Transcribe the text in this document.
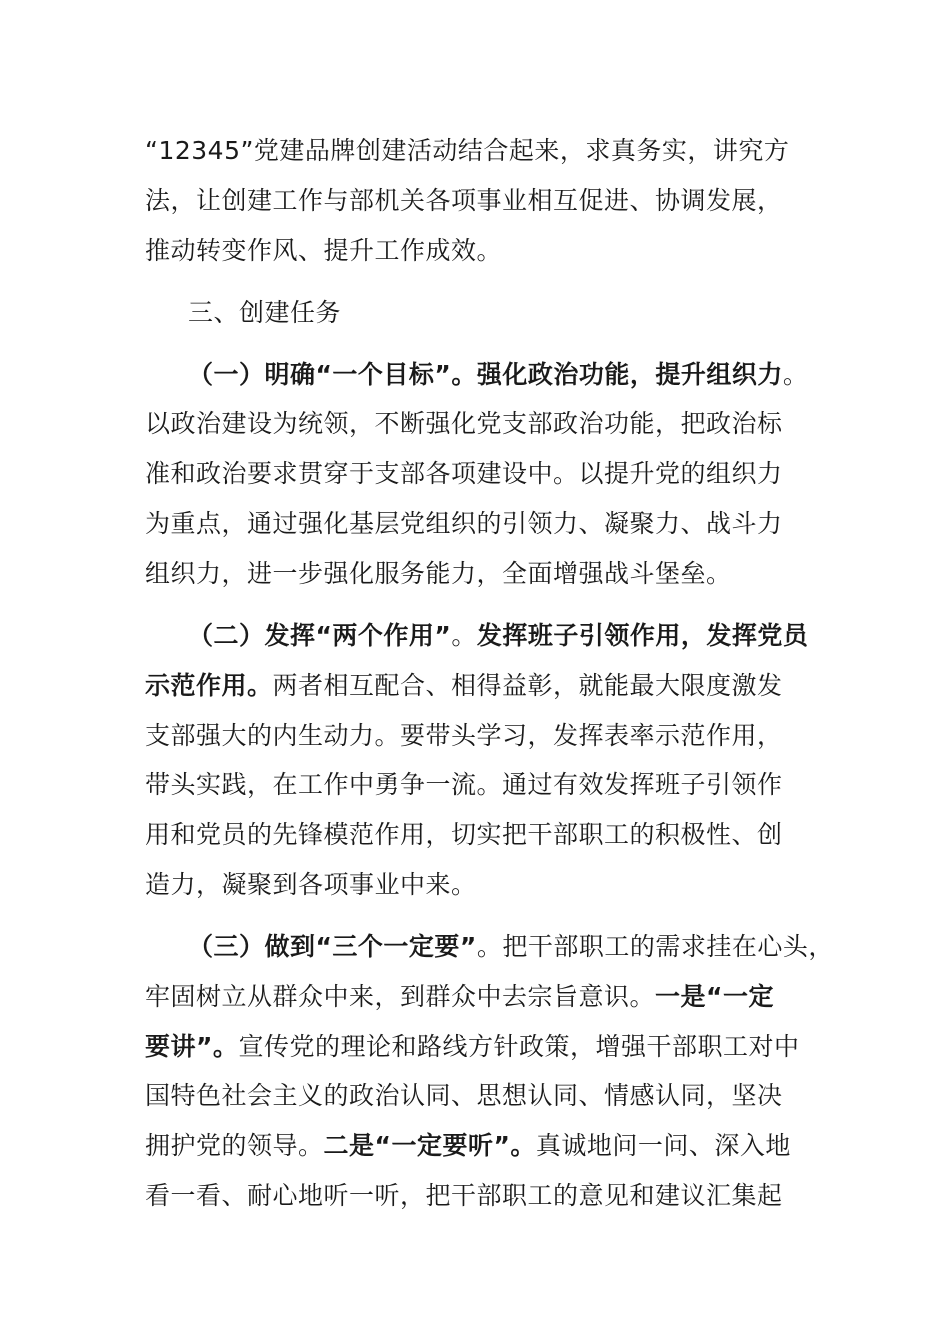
“12345”党建品牌创建活动结合起来，求真务实，讲究方
法，让创建工作与部机关各项事业相互促进、协调发展，
推动转变作风、提升工作成效。
三、创建任务
（一）明确“一个目标”。强化政治功能，提升组织力。
以政治建设为统领，不断强化党支部政治功能，把政治标
准和政治要求贯穿于支部各项建设中。以提升党的组织力
为重点，通过强化基层党组织的引领力、凝聚力、战斗力
组织力，进一步强化服务能力，全面增强战斗堡垒。
（二）发挥“两个作用”。发挥班子引领作用，发挥党员
示范作用。两者相互配合、相得益彰，就能最大限度激发
支部强大的内生动力。要带头学习，发挥表率示范作用，
带头实践，在工作中勇争一流。通过有效发挥班子引领作
用和党员的先锋模范作用，切实把干部职工的积极性、创
造力，凝聚到各项事业中来。
（三）做到“三个一定要”。把干部职工的需求挂在心头，
牢固树立从群众中来，到群众中去宗旨意识。一是“一定
要讲”。宣传党的理论和路线方针政策，增强干部职工对中
国特色社会主义的政治认同、思想认同、情感认同，坚决
拥护党的领导。二是“一定要听”。真诚地问一问、深入地
看一看、耐心地听一听，把干部职工的意见和建议汇集起
